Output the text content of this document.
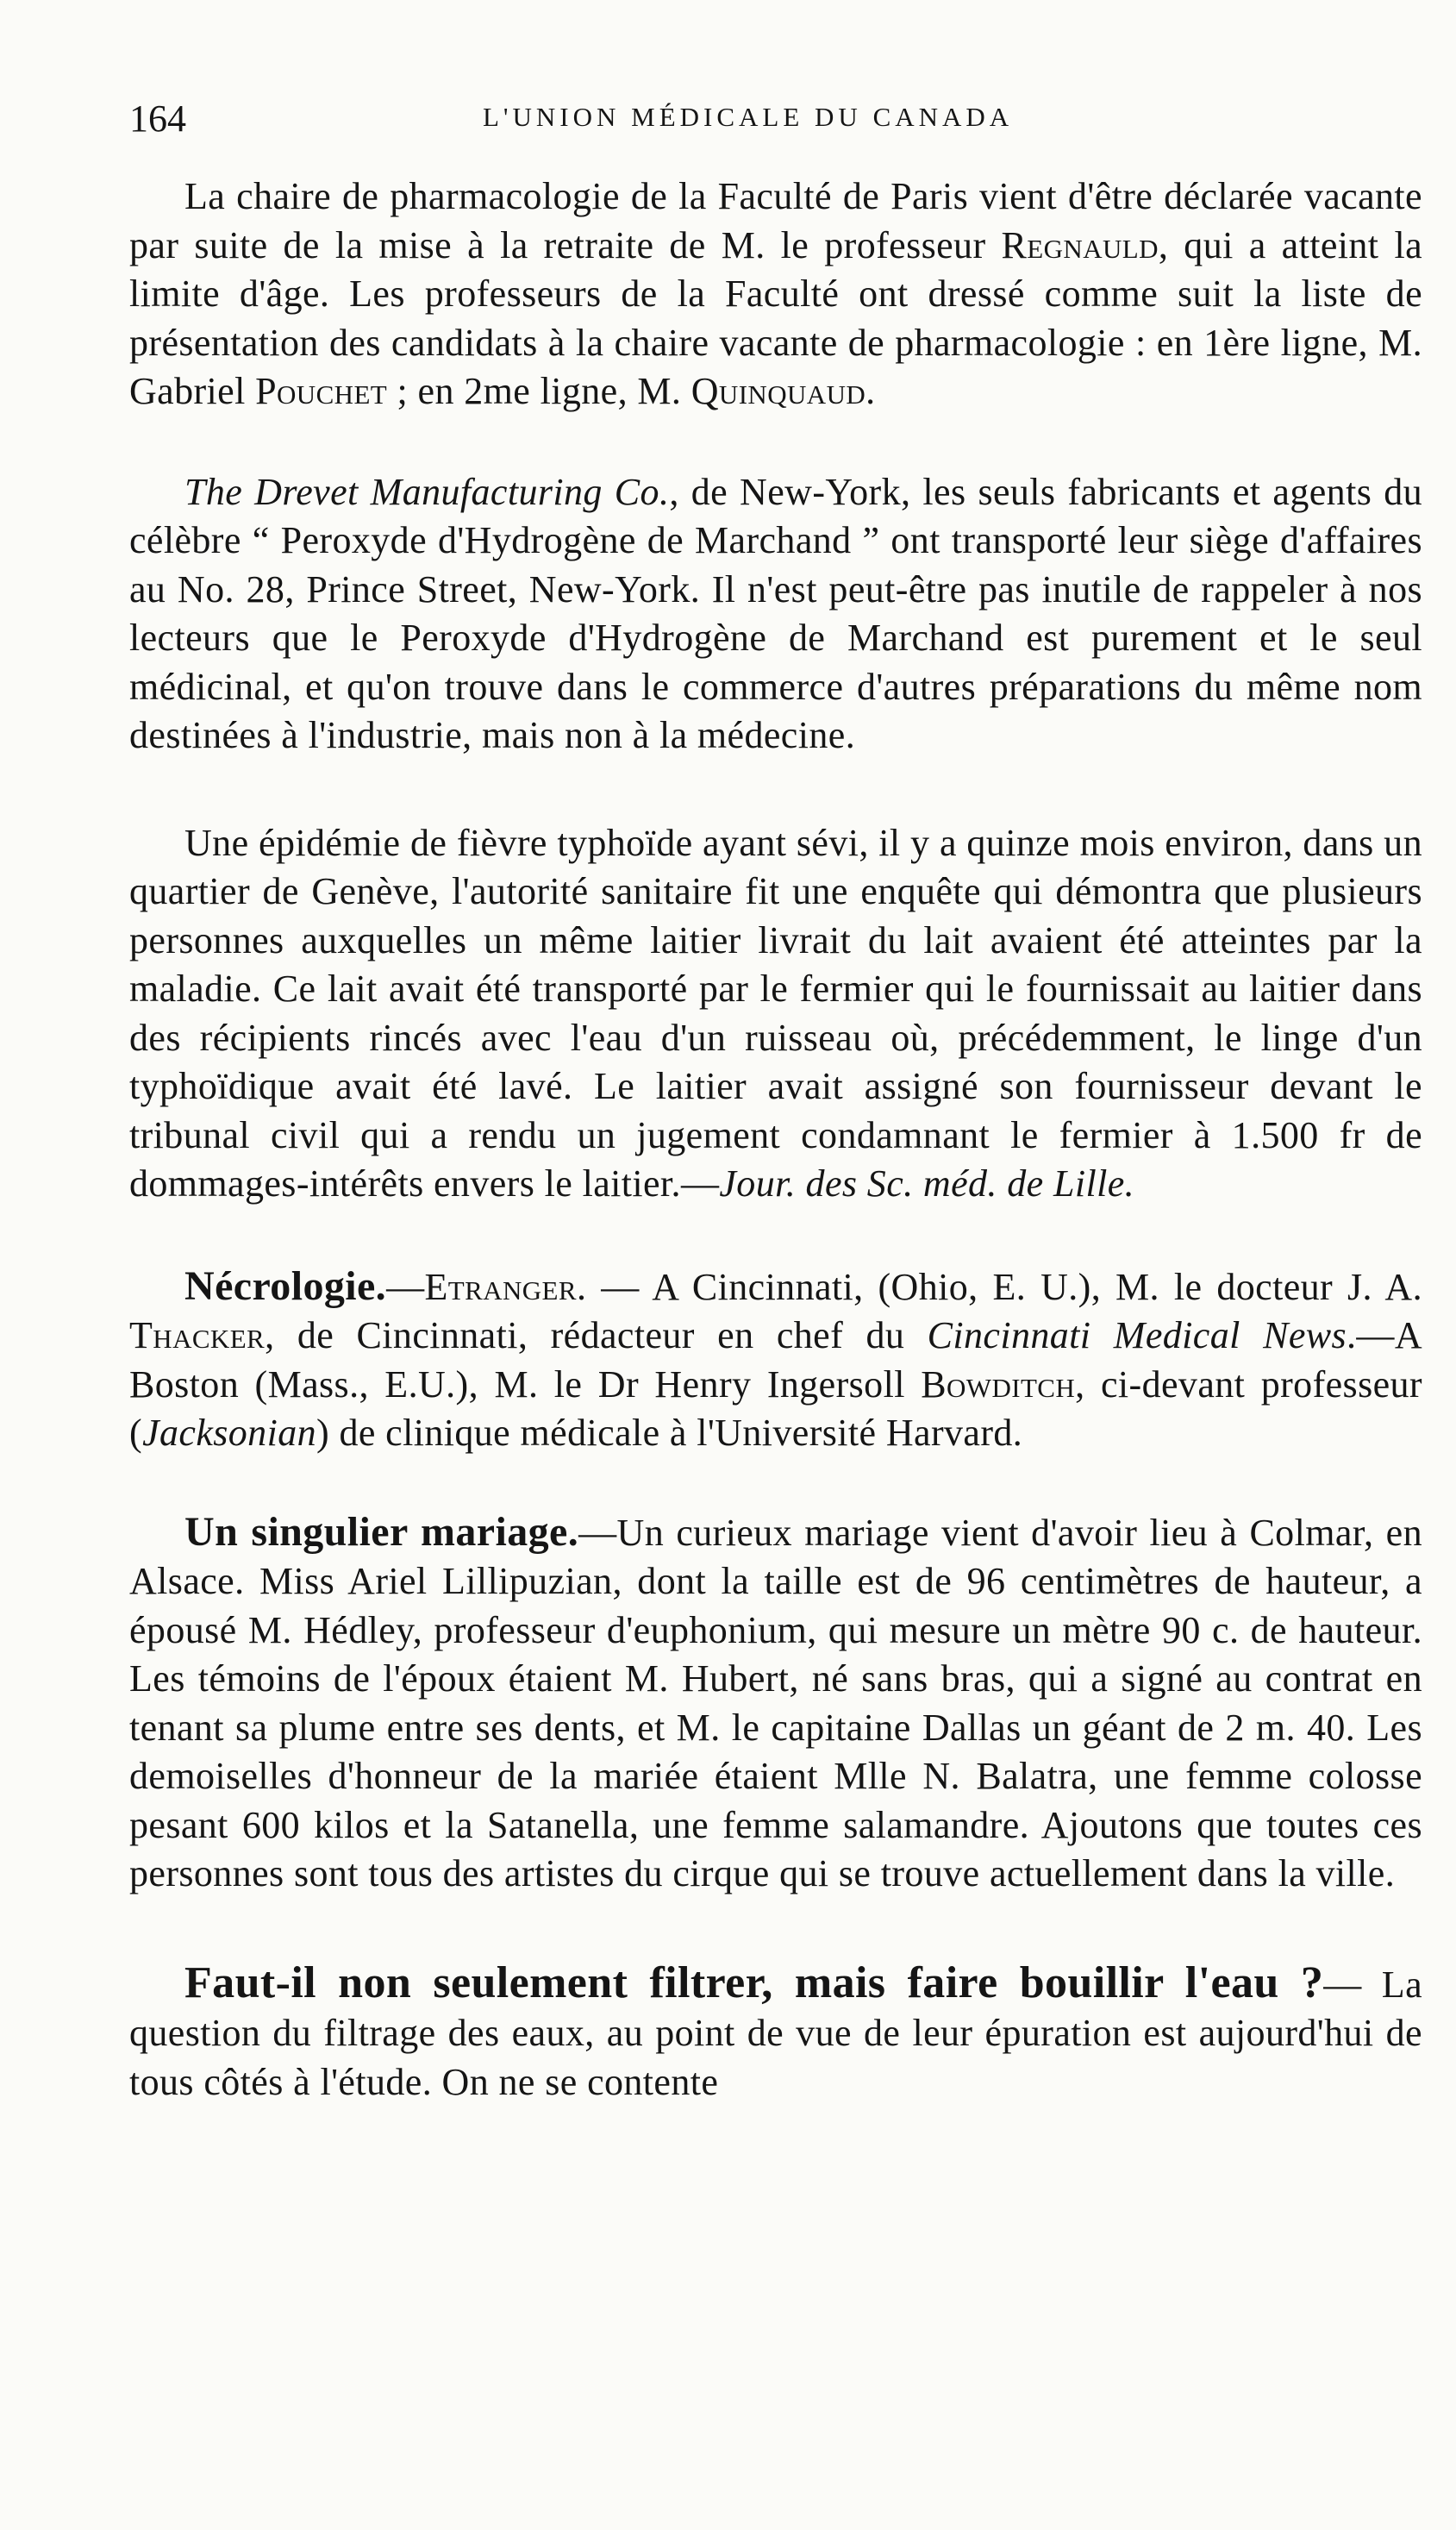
164	L'UNION MÉDICALE DU CANADA

La chaire de pharmacologie de la Faculté de Paris vient d'être déclarée vacante par suite de la mise à la retraite de M. le professeur Regnauld, qui a atteint la limite d'âge. Les professeurs de la Faculté ont dressé comme suit la liste de présentation des candidats à la chaire vacante de pharmacologie : en 1ère ligne, M. Gabriel Pouchet ; en 2me ligne, M. Quinquaud.

The Drevet Manufacturing Co., de New-York, les seuls fabricants et agents du célèbre “ Peroxyde d'Hydrogène de Marchand ” ont transporté leur siège d'affaires au No. 28, Prince Street, New-York. Il n'est peut-être pas inutile de rappeler à nos lecteurs que le Peroxyde d'Hydrogène de Marchand est purement et le seul médicinal, et qu'on trouve dans le commerce d'autres préparations du même nom destinées à l'industrie, mais non à la médecine.

Une épidémie de fièvre typhoïde ayant sévi, il y a quinze mois environ, dans un quartier de Genève, l'autorité sanitaire fit une enquête qui démontra que plusieurs personnes auxquelles un même laitier livrait du lait avaient été atteintes par la maladie. Ce lait avait été transporté par le fermier qui le fournissait au laitier dans des récipients rincés avec l'eau d'un ruisseau où, précédemment, le linge d'un typhoïdique avait été lavé. Le laitier avait assigné son fournisseur devant le tribunal civil qui a rendu un jugement condamnant le fermier à 1.500 fr de dommages-intérêts envers le laitier.—Jour. des Sc. méd. de Lille.

Nécrologie.—Etranger. — A Cincinnati, (Ohio, E. U.), M. le docteur J. A. Thacker, de Cincinnati, rédacteur en chef du Cincinnati Medical News.—A Boston (Mass., E.U.), M. le Dr Henry Ingersoll Bowditch, ci-devant professeur (Jacksonian) de clinique médicale à l'Université Harvard.

Un singulier mariage.—Un curieux mariage vient d'avoir lieu à Colmar, en Alsace. Miss Ariel Lillipuzian, dont la taille est de 96 centimètres de hauteur, a épousé M. Hédley, professeur d'euphonium, qui mesure un mètre 90 c. de hauteur. Les témoins de l'époux étaient M. Hubert, né sans bras, qui a signé au contrat en tenant sa plume entre ses dents, et M. le capitaine Dallas un géant de 2 m. 40. Les demoiselles d'honneur de la mariée étaient Mlle N. Balatra, une femme colosse pesant 600 kilos et la Satanella, une femme salamandre. Ajoutons que toutes ces personnes sont tous des artistes du cirque qui se trouve actuellement dans la ville.

Faut-il non seulement filtrer, mais faire bouillir l'eau ?— La question du filtrage des eaux, au point de vue de leur épuration est aujourd'hui de tous côtés à l'étude. On ne se contente
